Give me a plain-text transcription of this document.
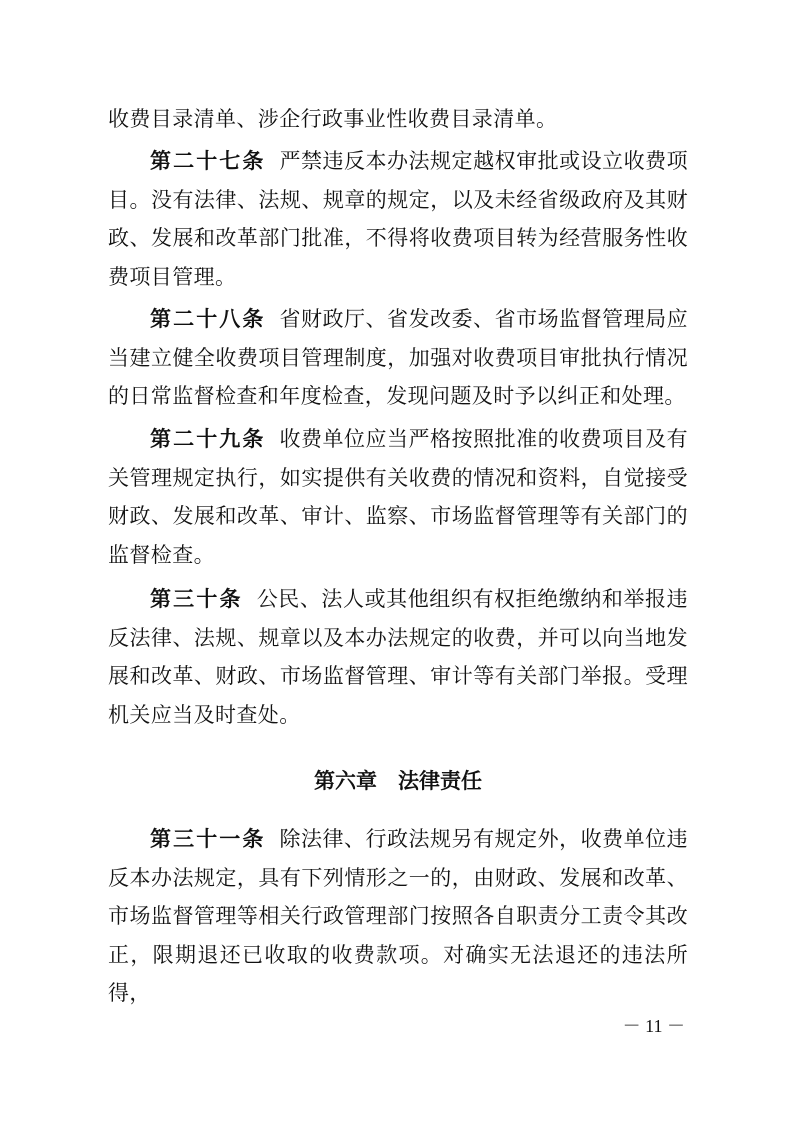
收费目录清单、涉企行政事业性收费目录清单。

第二十七条 严禁违反本办法规定越权审批或设立收费项目。没有法律、法规、规章的规定，以及未经省级政府及其财政、发展和改革部门批准，不得将收费项目转为经营服务性收费项目管理。

第二十八条 省财政厅、省发改委、省市场监督管理局应当建立健全收费项目管理制度，加强对收费项目审批执行情况的日常监督检查和年度检查，发现问题及时予以纠正和处理。

第二十九条 收费单位应当严格按照批准的收费项目及有关管理规定执行，如实提供有关收费的情况和资料，自觉接受财政、发展和改革、审计、监察、市场监督管理等有关部门的监督检查。

第三十条 公民、法人或其他组织有权拒绝缴纳和举报违反法律、法规、规章以及本办法规定的收费，并可以向当地发展和改革、财政、市场监督管理、审计等有关部门举报。受理机关应当及时查处。

第六章　法律责任

第三十一条 除法律、行政法规另有规定外，收费单位违反本办法规定，具有下列情形之一的，由财政、发展和改革、市场监督管理等相关行政管理部门按照各自职责分工责令其改正，限期退还已收取的收费款项。对确实无法退还的违法所得，

－ 11 －
